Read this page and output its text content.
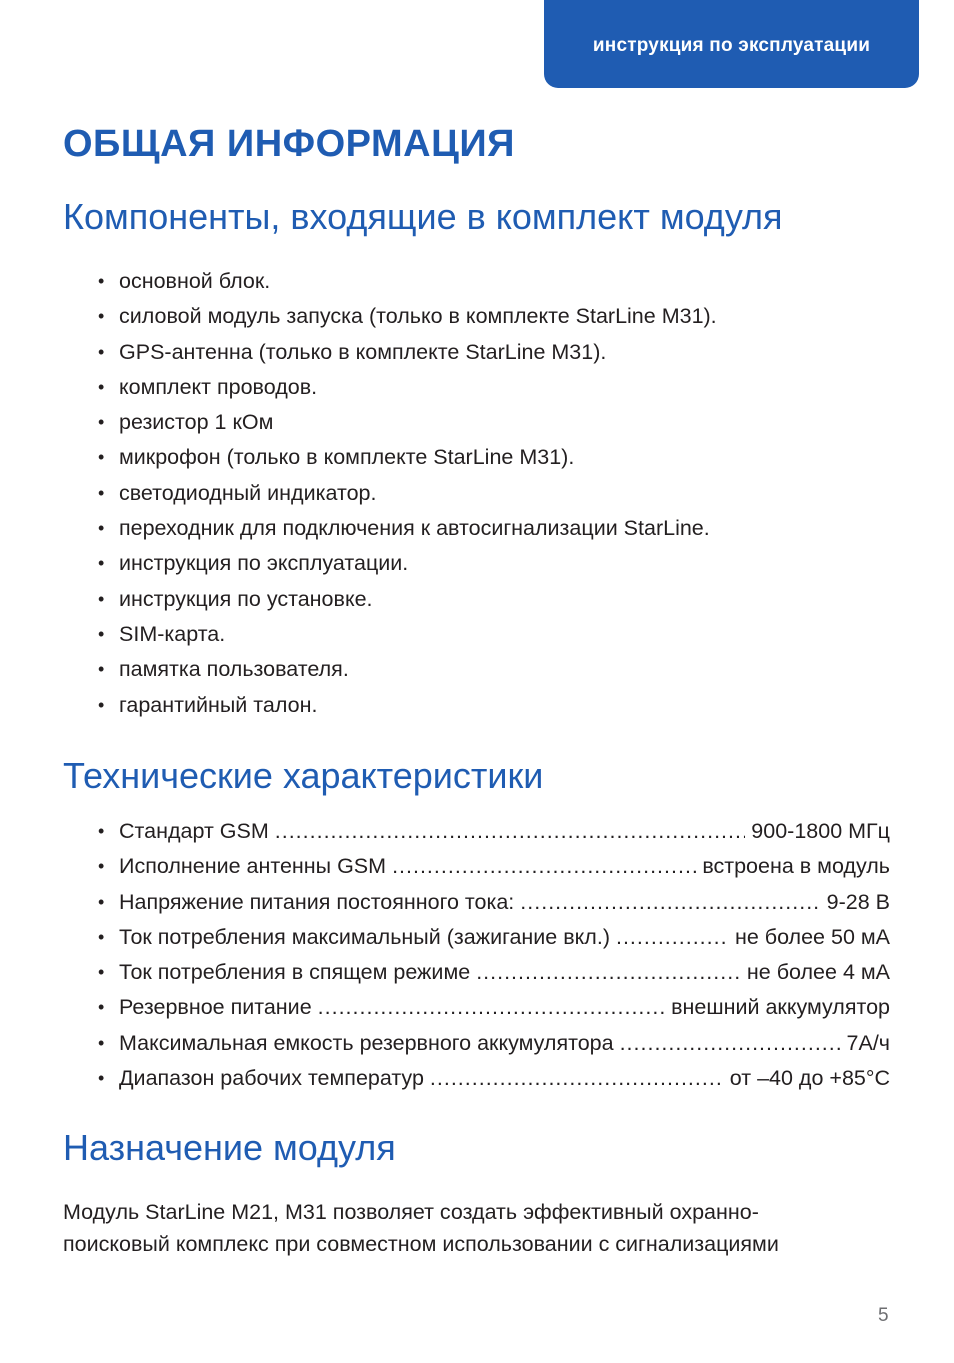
инструкция по эксплуатации
ОБЩАЯ ИНФОРМАЦИЯ
Компоненты, входящие в комплект модуля
• основной блок.
• силовой модуль запуска (только в комплекте StarLine M31).
• GPS-антенна (только в комплекте StarLine M31).
• комплект проводов.
• резистор 1 кОм
• микрофон (только в комплекте StarLine M31).
• светодиодный индикатор.
• переходник для подключения к автосигнализации StarLine.
• инструкция по эксплуатации.
• инструкция по установке.
• SIM-карта.
• памятка пользователя.
• гарантийный талон.
Технические характеристики
• Стандарт GSM .....	900-1800 МГц
• Исполнение антенны GSM .....	встроена в модуль
• Напряжение питания постоянного тока: .....	9-28 В
• Ток потребления максимальный (зажигание вкл.) .....	не более 50 мА
• Ток потребления в спящем режиме .....	не более 4 мА
• Резервное питание .....	внешний аккумулятор
• Максимальная емкость резервного аккумулятора .....	7А/ч
• Диапазон рабочих температур .....	от –40 до +85°C
Назначение модуля
Модуль StarLine M21, M31 позволяет создать эффективный охранно-
поисковый комплекс при совместном использовании с сигнализациями
5
